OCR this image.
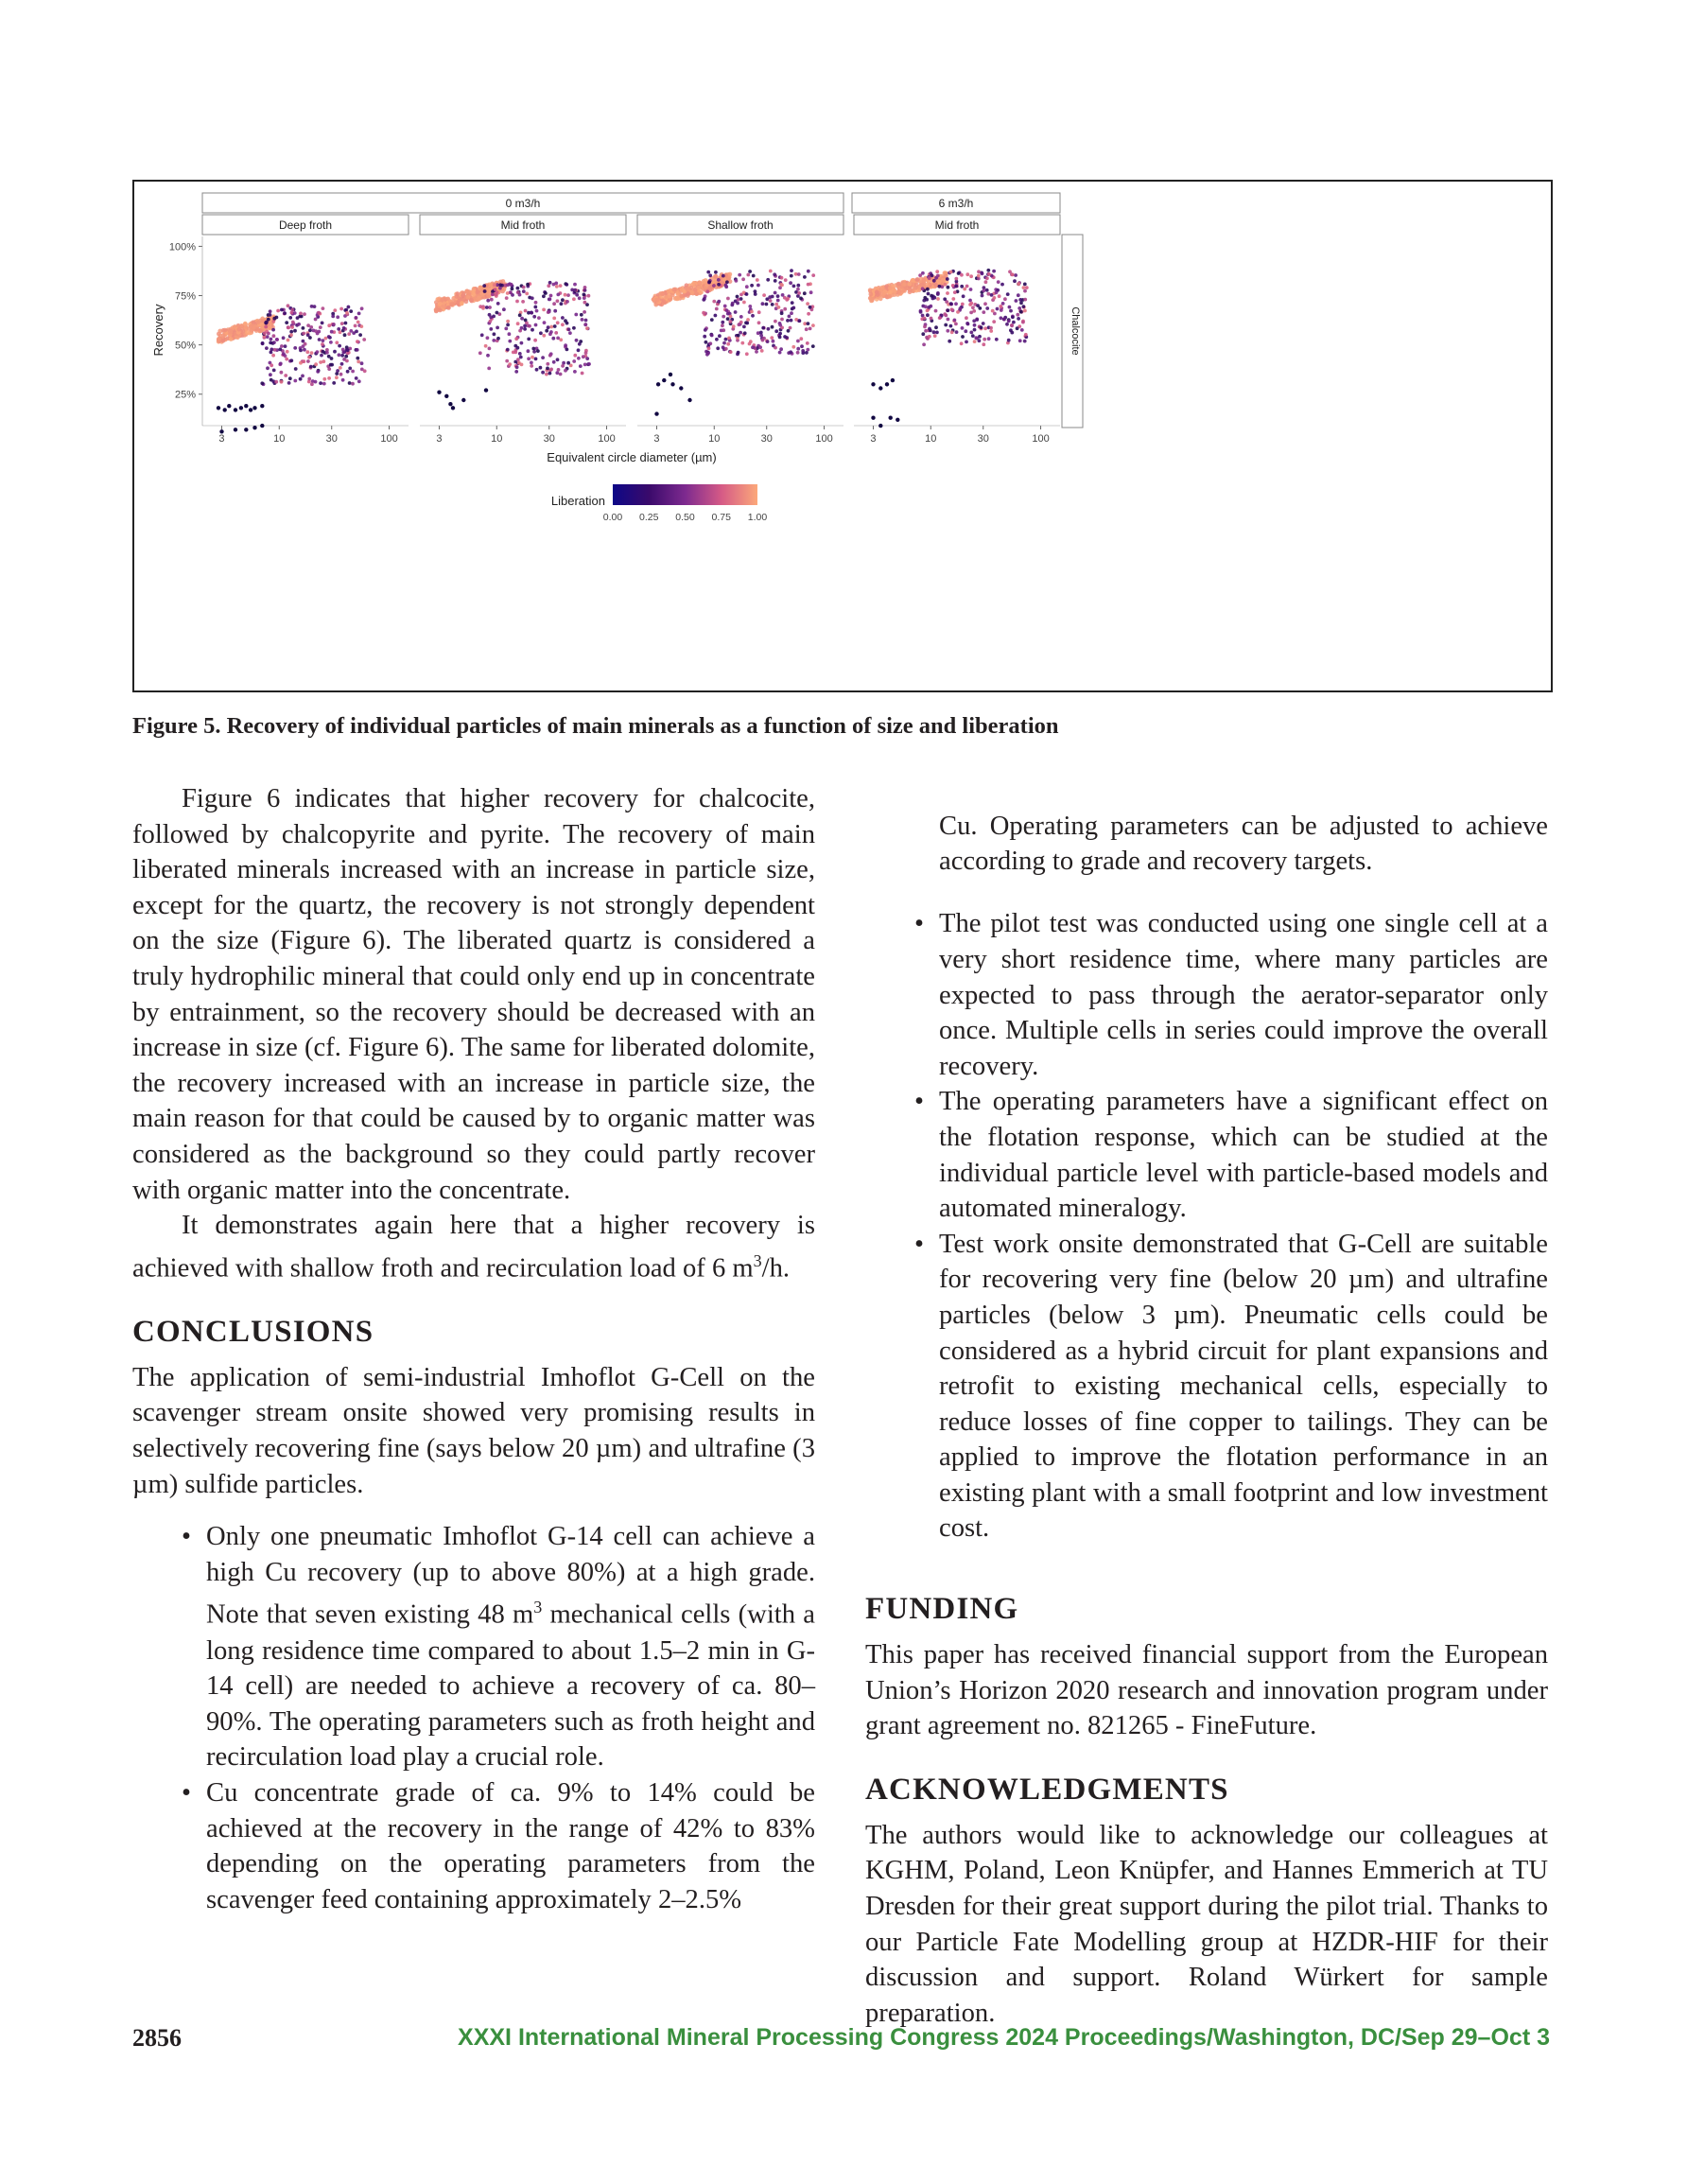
0 m3/h	6 m3/h
Deep froth	Mid froth	Shallow froth	Mid froth
Chalcocite
25%
50%
75%
100%
Recovery
3	10	30	100	3	10	30	100	3	10	30	100	3	10	30	100
Equivalent circle diameter (µm)
Liberation
0.00 0.25 0.50 0.75 1.00
Figure 5. Recovery of individual particles of main minerals as a function of size and liberation

Figure 6 indicates that higher recovery for chalcocite, followed by chalcopyrite and pyrite. The recovery of main liberated minerals increased with an increase in particle size, except for the quartz, the recovery is not strongly dependent on the size (Figure 6). The liberated quartz is considered a truly hydrophilic mineral that could only end up in concentrate by entrainment, so the recovery should be decreased with an increase in size (cf. Figure 6). The same for liberated dolomite, the recovery increased with an increase in particle size, the main reason for that could be caused by to organic matter was considered as the background so they could partly recover with organic matter into the concentrate.

It demonstrates again here that a higher recovery is achieved with shallow froth and recirculation load of 6 $m^3/h$.

CONCLUSIONS

The application of semi-industrial Imhoflot G-Cell on the scavenger stream onsite showed very promising results in selectively recovering fine (says below 20 µm) and ultrafine (3 µm) sulfide particles.

• Only one pneumatic Imhoflot G-14 cell can achieve a high Cu recovery (up to above 80%) at a high grade. Note that seven existing 48 $m^3$ mechanical cells (with a long residence time compared to about 1.5–2 min in G-14 cell) are needed to achieve a recovery of ca. 80–90%. The operating parameters such as froth height and recirculation load play a crucial role.
• Cu concentrate grade of ca. 9% to 14% could be achieved at the recovery in the range of 42% to 83% depending on the operating parameters from the scavenger feed containing approximately 2–2.5%

Cu. Operating parameters can be adjusted to achieve according to grade and recovery targets.

• The pilot test was conducted using one single cell at a very short residence time, where many particles are expected to pass through the aerator-separator only once. Multiple cells in series could improve the overall recovery.
• The operating parameters have a significant effect on the flotation response, which can be studied at the individual particle level with particle-based models and automated mineralogy.
• Test work onsite demonstrated that G-Cell are suitable for recovering very fine (below 20 µm) and ultrafine particles (below 3 µm). Pneumatic cells could be considered as a hybrid circuit for plant expansions and retrofit to existing mechanical cells, especially to reduce losses of fine copper to tailings. They can be applied to improve the flotation performance in an existing plant with a small footprint and low investment cost.
FUNDING

This paper has received financial support from the European Union’s Horizon 2020 research and innovation program under grant agreement no. 821265 - FineFuture.

ACKNOWLEDGMENTS

The authors would like to acknowledge our colleagues at KGHM, Poland, Leon Knüpfer, and Hannes Emmerich at TU Dresden for their great support during the pilot trial. Thanks to our Particle Fate Modelling group at HZDR-HIF for their discussion and support. Roland Würkert for sample preparation.

2856	XXXI International Mineral Processing Congress 2024 Proceedings/Washington, DC/Sep 29–Oct 3
